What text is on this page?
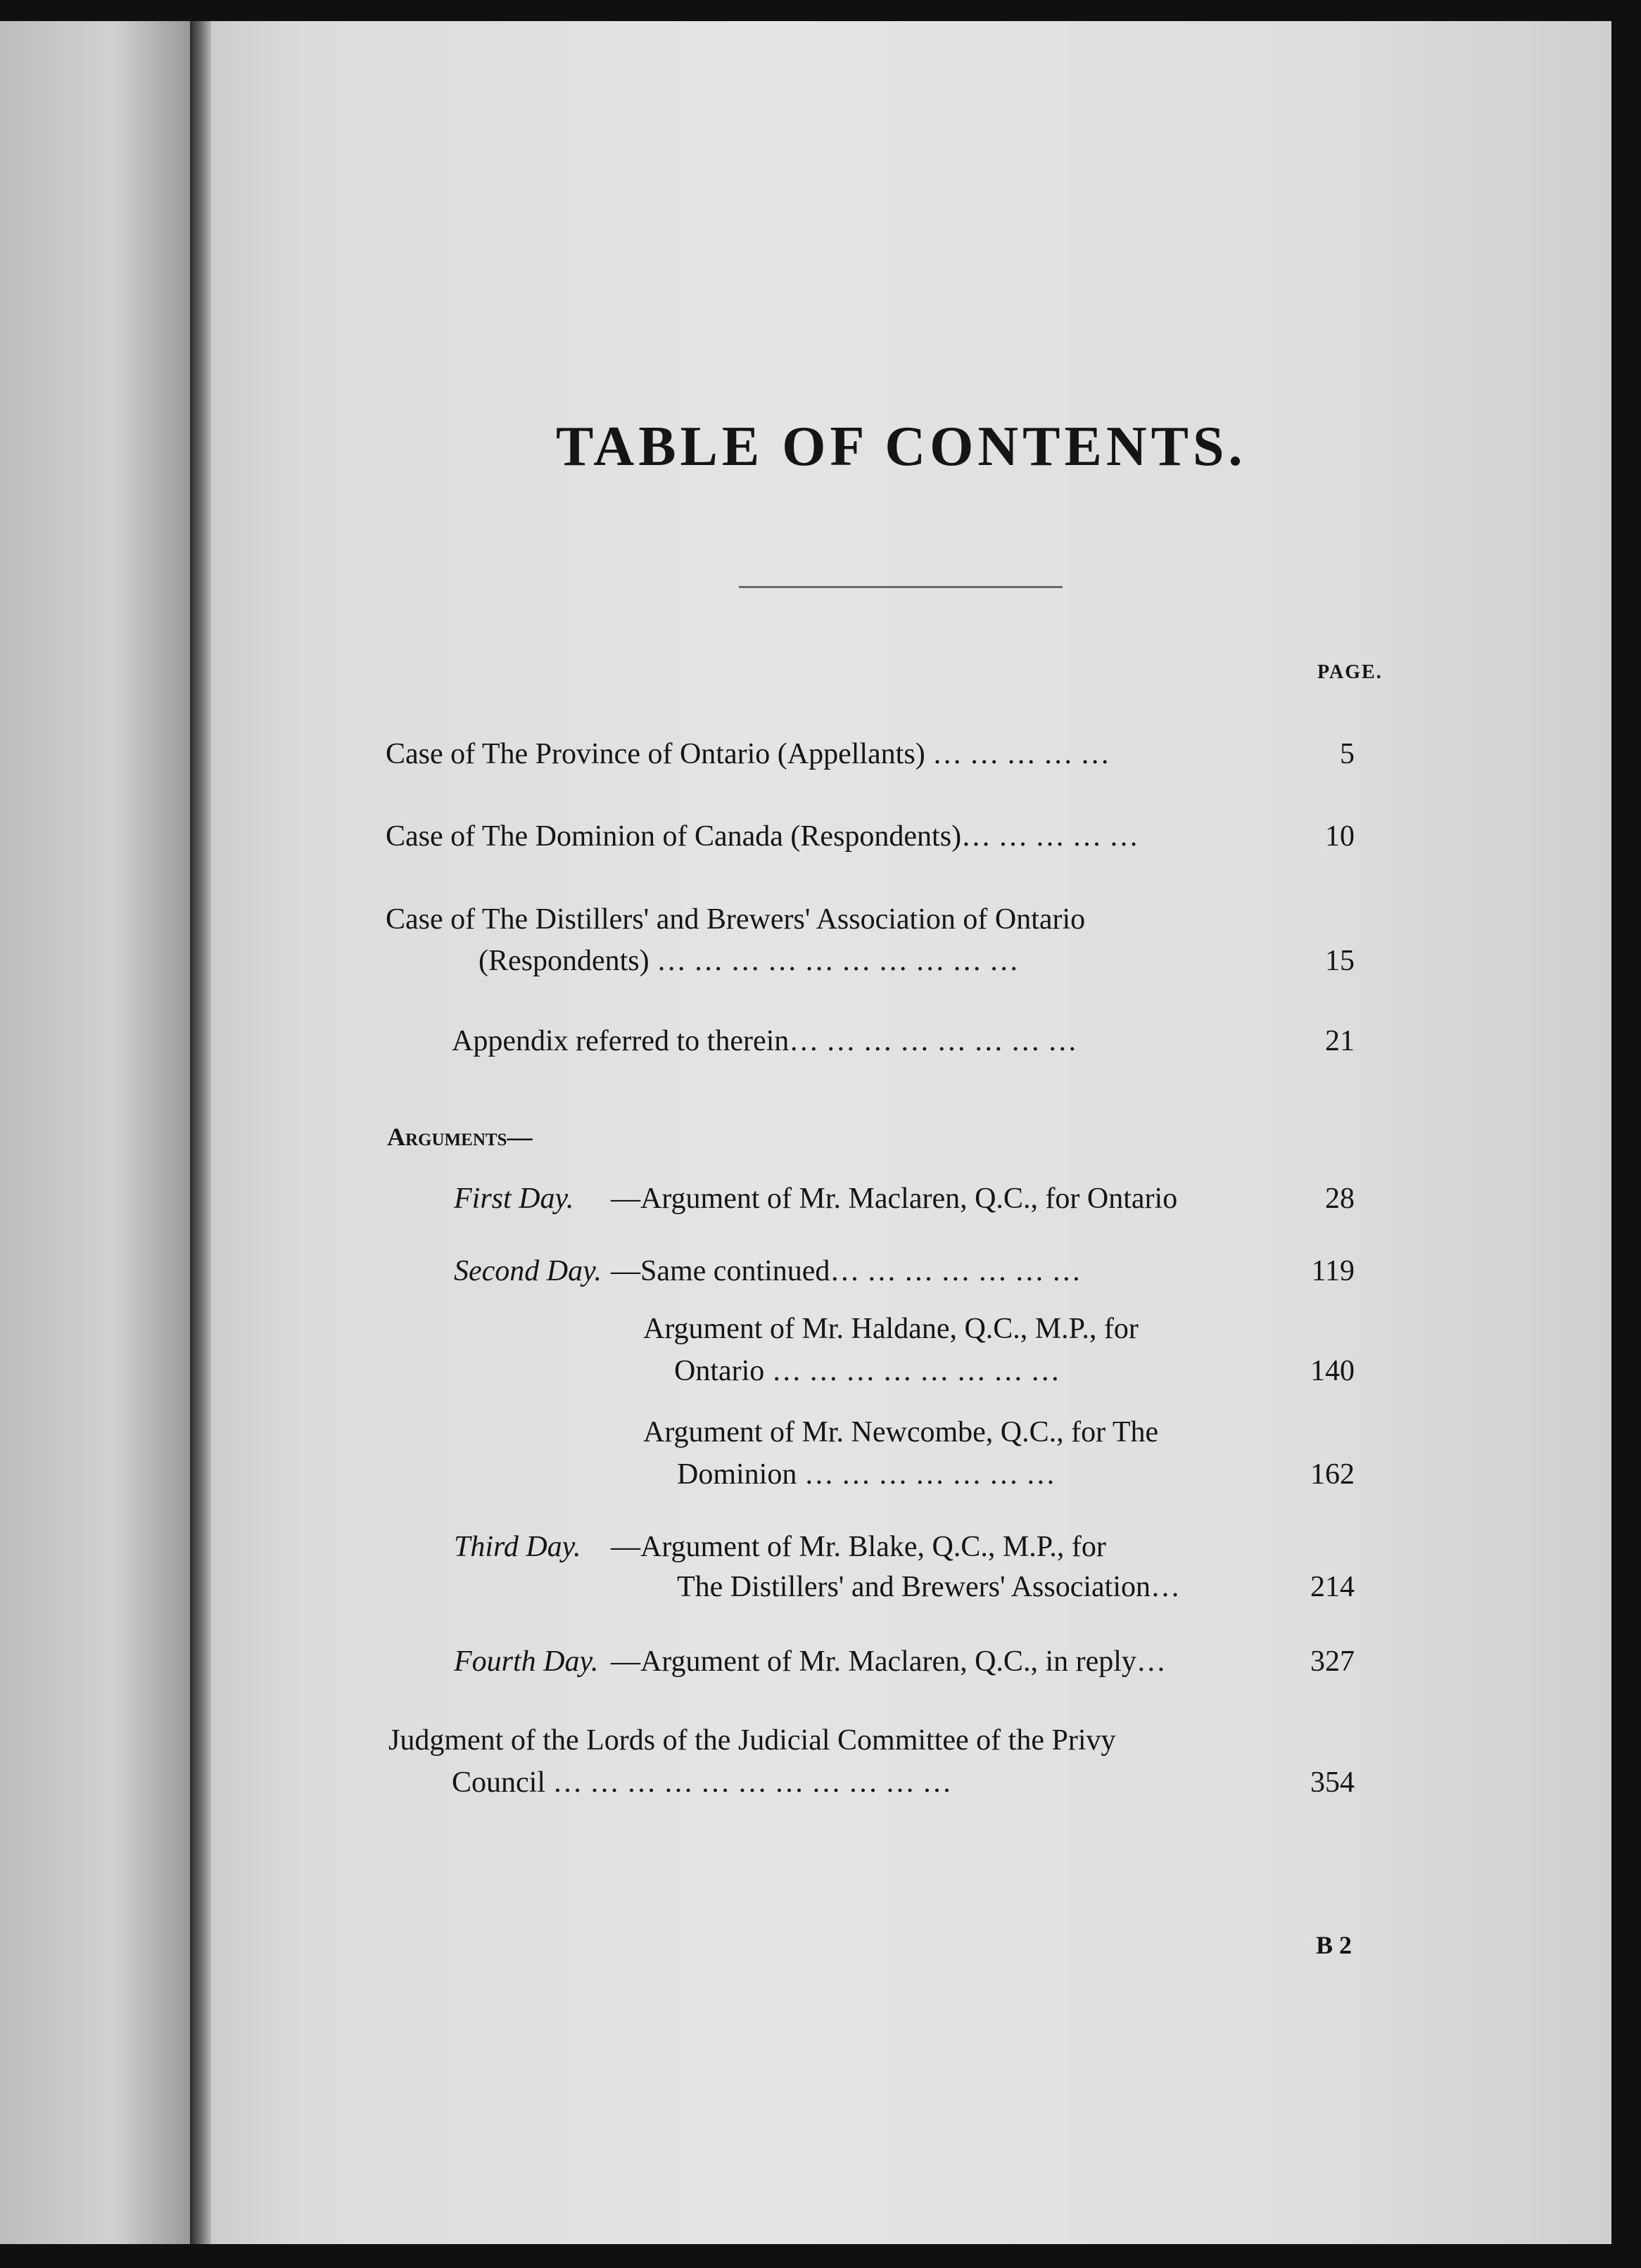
TABLE OF CONTENTS.
PAGE.
Case of The Province of Ontario (Appellants) … … … … …	5
Case of The Dominion of Canada (Respondents)… … … … …	10
Case of The Distillers' and Brewers' Association of Ontario
(Respondents) … … … … … … … … … …	15
Appendix referred to therein… … … … … … … …	21
Arguments—
First Day. —Argument of Mr. Maclaren, Q.C., for Ontario	28
Second Day. —Same continued… … … … … … …	119
Argument of Mr. Haldane, Q.C., M.P., for
Ontario … … … … … … … …	140
Argument of Mr. Newcombe, Q.C., for The
Dominion … … … … … … …	162
Third Day. —Argument of Mr. Blake, Q.C., M.P., for
The Distillers' and Brewers' Association…	214
Fourth Day. —Argument of Mr. Maclaren, Q.C., in reply…	327
Judgment of the Lords of the Judicial Committee of the Privy
Council … … … … … … … … … … …	354
B 2
